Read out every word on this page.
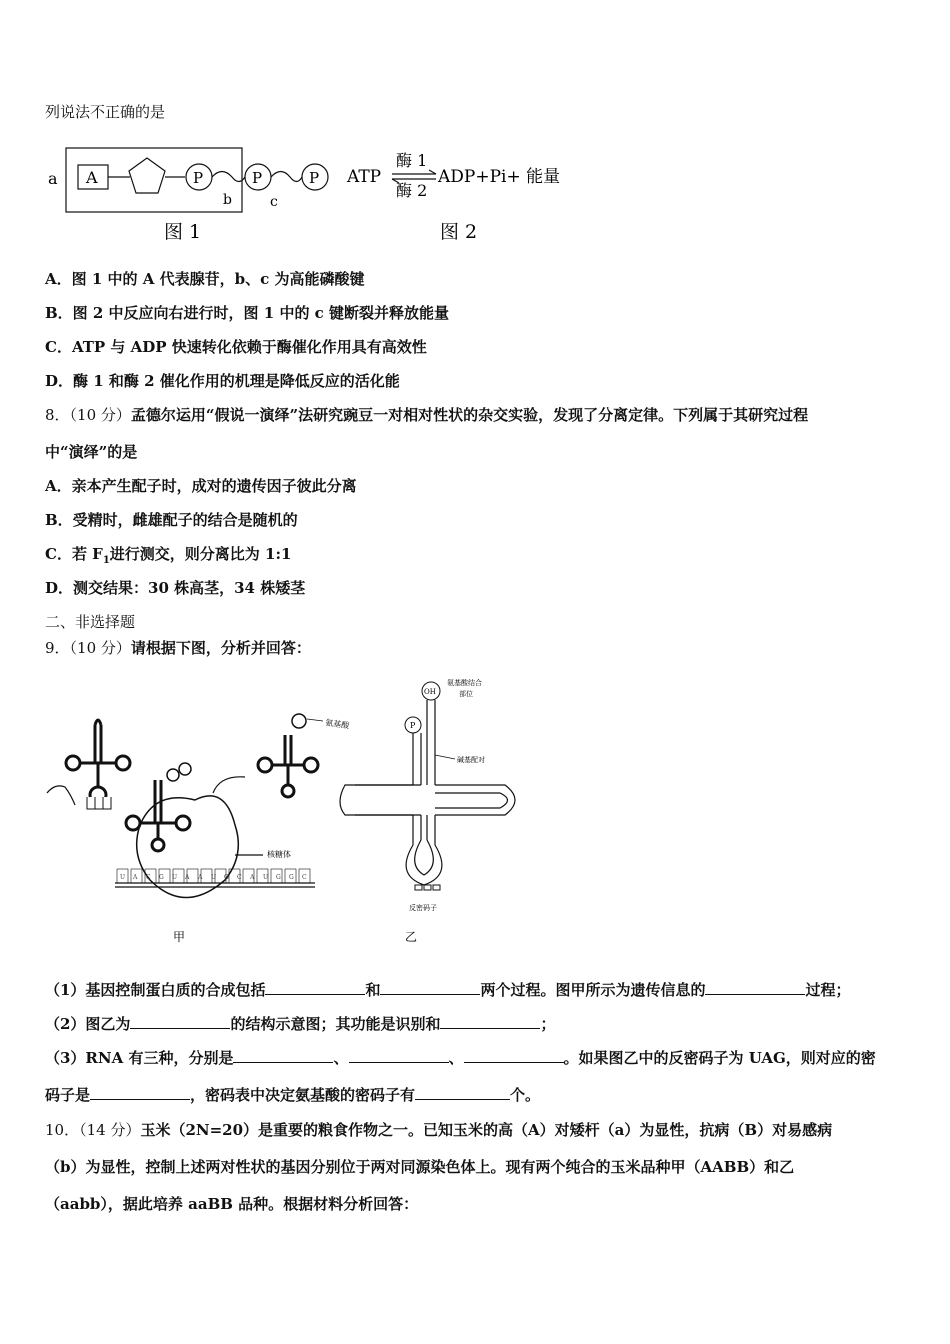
列说法不正确的是
a A	P	P	P
b	c
图 1
ATP
酶 1
酶 2
ADP+Pi+ 能量
图 2
A．图 1 中的 A 代表腺苷，b、c 为高能磷酸键
B．图 2 中反应向右进行时，图 1 中的 c 键断裂并释放能量
C．ATP 与 ADP 快速转化依赖于酶催化作用具有高效性
D．酶 1 和酶 2 催化作用的机理是降低反应的活化能
8．（10 分）孟德尔运用“假说一演绎”法研究豌豆一对相对性状的杂交实验，发现了分离定律。下列属于其研究过程
中“演绎”的是
A．亲本产生配子时，成对的遗传因子彼此分离
B．受精时，雌雄配子的结合是随机的
C．若 $F_1$进行测交，则分离比为 1:1
D．测交结果：30 株高茎，34 株矮茎
二、非选择题
9．（10 分）请根据下图，分析并回答：
氨基酸
核糖体
U A C G U A A U G C A U G G C
甲
OH
氨基酸结合
部位
P
碱基配对
反密码子
乙
（1）基因控制蛋白质的合成包括	和	两个过程。图甲所示为遗传信息的	过程；
（2）图乙为	的结构示意图；其功能是识别和	；
（3）RNA 有三种，分别是	、	、	。如果图乙中的反密码子为 UAG，则对应的密
码子是	，密码表中决定氨基酸的密码子有	个。
10．（14 分）玉米（2N=20）是重要的粮食作物之一。已知玉米的高（A）对矮杆（a）为显性，抗病（B）对易感病
（b）为显性，控制上述两对性状的基因分别位于两对同源染色体上。现有两个纯合的玉米品种甲（AABB）和乙
（aabb），据此培养 aaBB 品种。根据材料分析回答：
